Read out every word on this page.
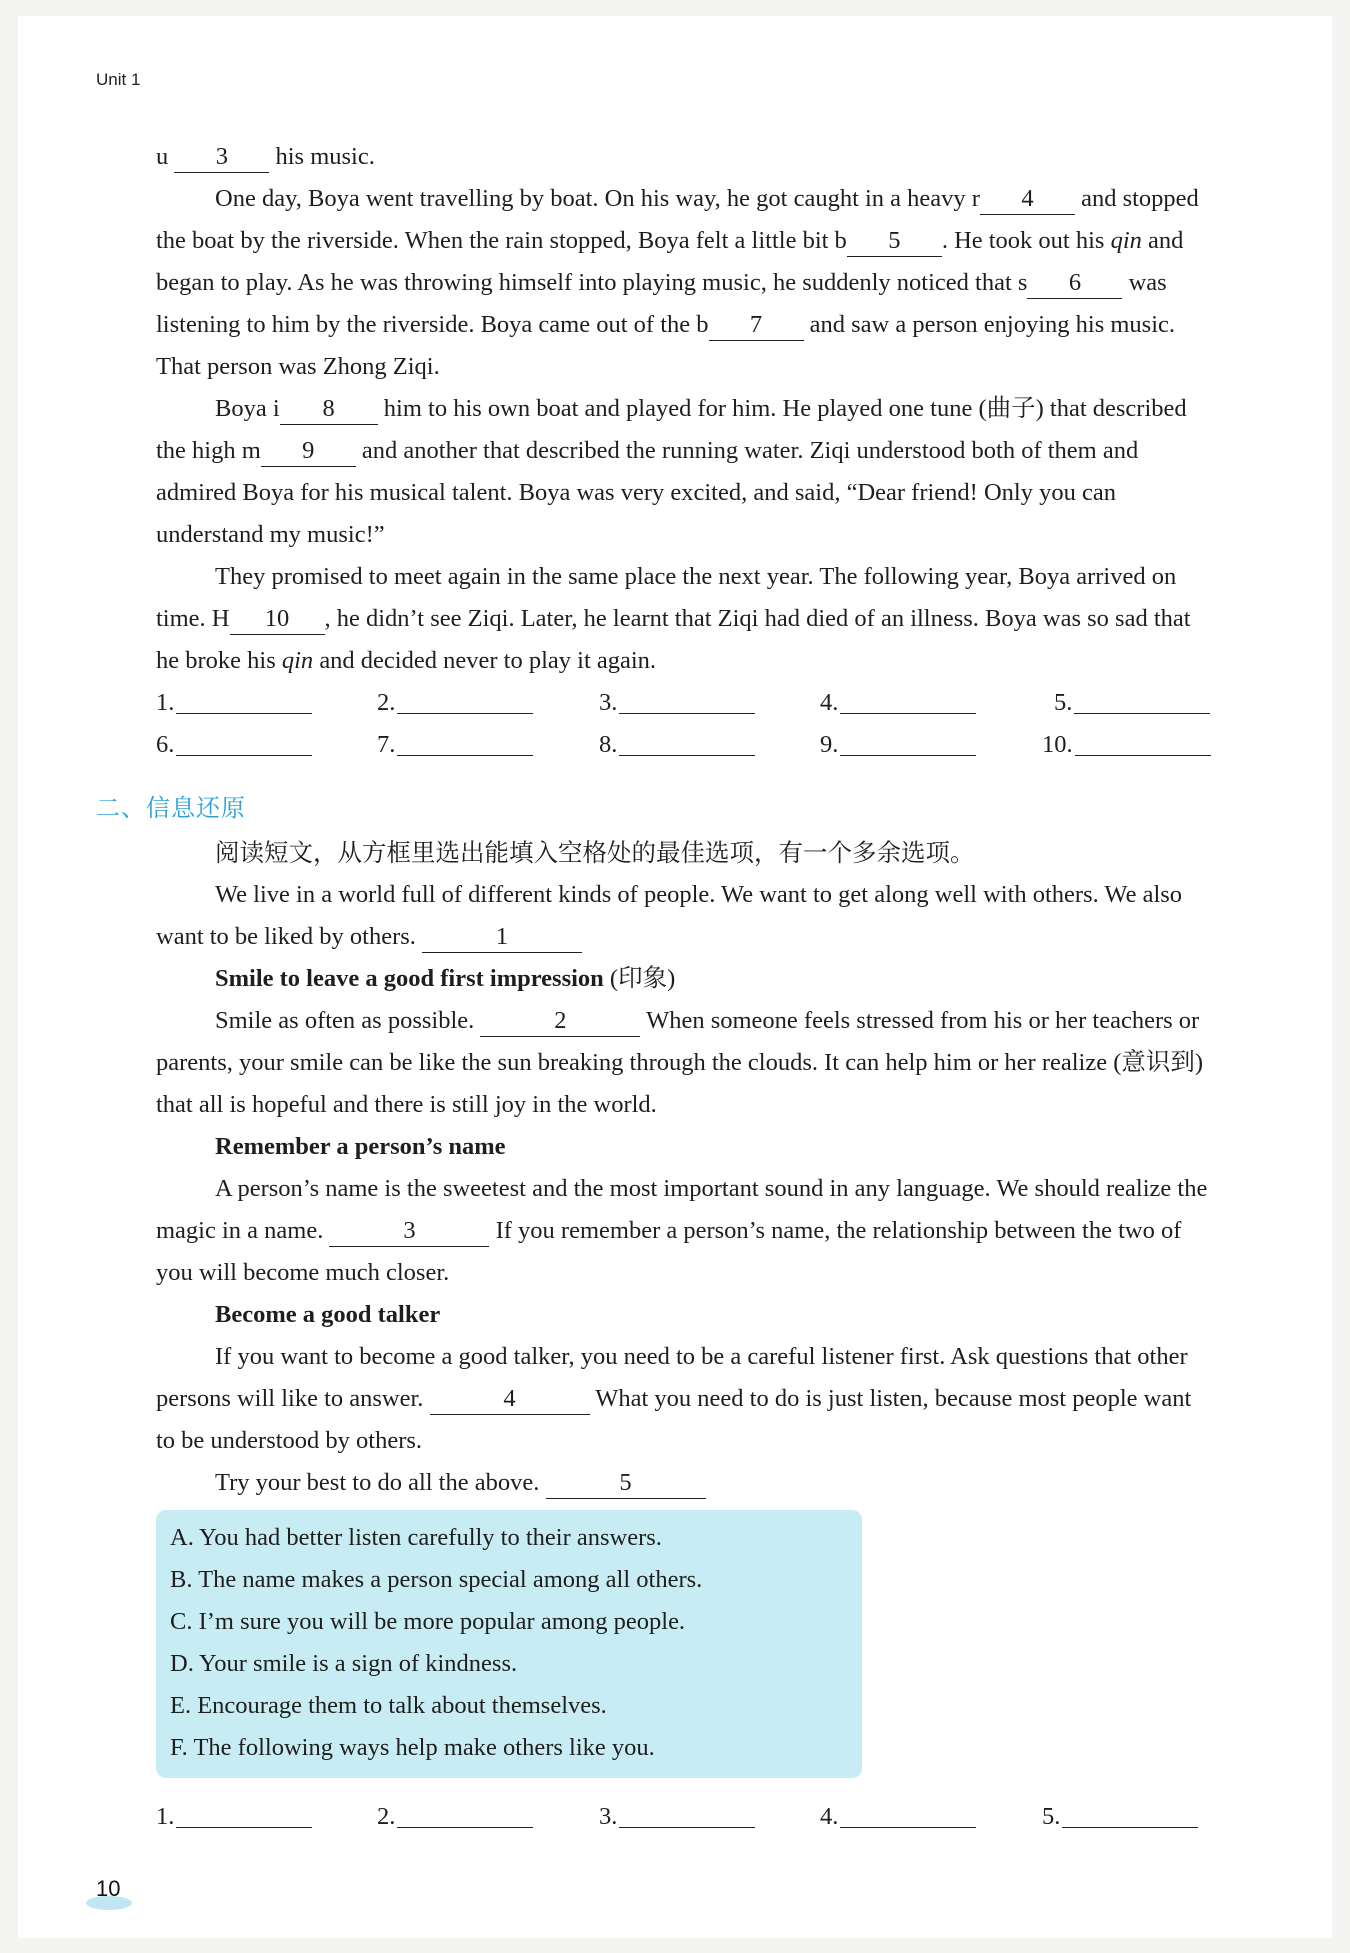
Unit 1

u 3 his music.

One day, Boya went travelling by boat. On his way, he got caught in a heavy r 4 and stopped the boat by the riverside. When the rain stopped, Boya felt a little bit b 5 . He took out his qin and began to play. As he was throwing himself into playing music, he suddenly noticed that s 6 was listening to him by the riverside. Boya came out of the b 7 and saw a person enjoying his music. That person was Zhong Ziqi.

Boya i 8 him to his own boat and played for him. He played one tune (曲子) that described the high m 9 and another that described the running water. Ziqi understood both of them and admired Boya for his musical talent. Boya was very excited, and said, “Dear friend! Only you can understand my music!”

They promised to meet again in the same place the next year. The following year, Boya arrived on time. H 10 , he didn’t see Ziqi. Later, he learnt that Ziqi had died of an illness. Boya was so sad that he broke his qin and decided never to play it again.

1.	2.	3.	4.	5.
6.	7.	8.	9.	10.
二、信息还原

阅读短文，从方框里选出能填入空格处的最佳选项，有一个多余选项。

We live in a world full of different kinds of people. We want to get along well with others. We also want to be liked by others.	1

Smile to leave a good first impression (印象)

Smile as often as possible.	2	When someone feels stressed from his or her teachers or parents, your smile can be like the sun breaking through the clouds. It can help him or her realize (意识到) that all is hopeful and there is still joy in the world.

Remember a person’s name

A person’s name is the sweetest and the most important sound in any language. We should realize the magic in a name.	3	If you remember a person’s name, the relationship between the two of you will become much closer.

Become a good talker

If you want to become a good talker, you need to be a careful listener first. Ask questions that other persons will like to answer.	4	What you need to do is just listen, because most people want to be understood by others.

Try your best to do all the above.	5

A. You had better listen carefully to their answers.

B. The name makes a person special among all others.

C. I’m sure you will be more popular among people.

D. Your smile is a sign of kindness.

E. Encourage them to talk about themselves.

F. The following ways help make others like you.

1.	2.	3.	4.	5.
10
